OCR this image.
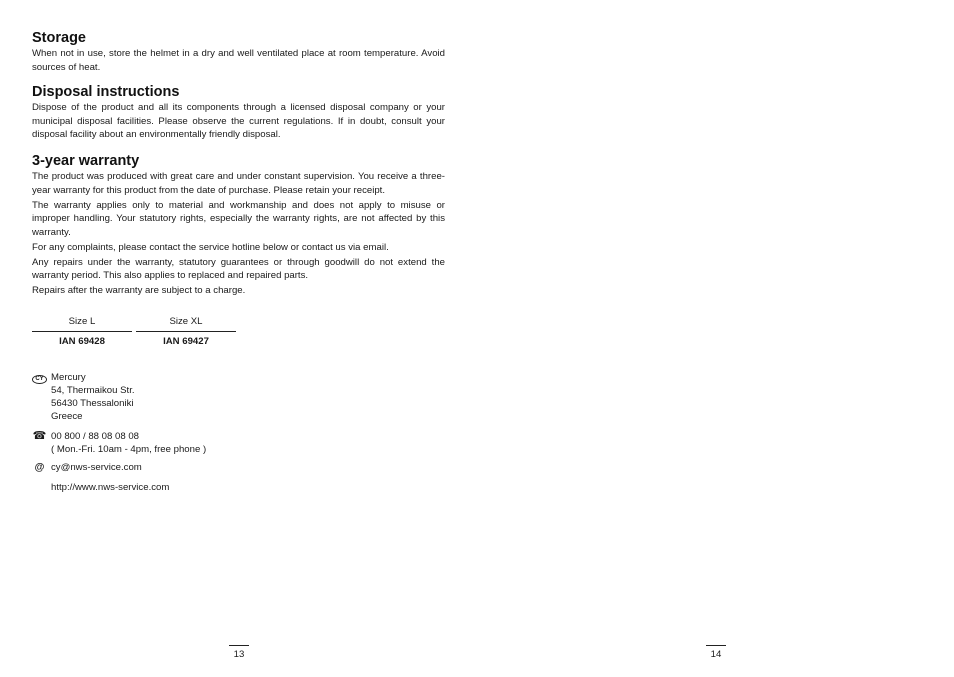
Storage

When not in use, store the helmet in a dry and well ventilated place at room temperature. Avoid sources of heat.

Disposal instructions

Dispose of the product and all its components through a licensed disposal company or your municipal disposal facilities. Please observe the current regulations. If in doubt, consult your disposal facility about an environmentally friendly disposal.

3-year warranty

The product was produced with great care and under constant supervision. You receive a three-year warranty for this product from the date of purchase. Please retain your receipt.

The warranty applies only to material and workmanship and does not apply to misuse or improper handling. Your statutory rights, especially the warranty rights, are not affected by this warranty.

For any complaints, please contact the service hotline below or contact us via email.

Any repairs under the warranty, statutory guarantees or through goodwill do not extend the warranty period. This also applies to replaced and repaired parts.

Repairs after the warranty are subject to a charge.

Size L
IAN 69428
Size XL
IAN 69427
CY Mercury
54, Thermaikou Str.
56430 Thessaloniki
Greece
☎ 00 800 / 88 08 08 08
( Mon.-Fri. 10am - 4pm, free phone )
@ cy@nws-service.com
http://www.nws-service.com
13	14
